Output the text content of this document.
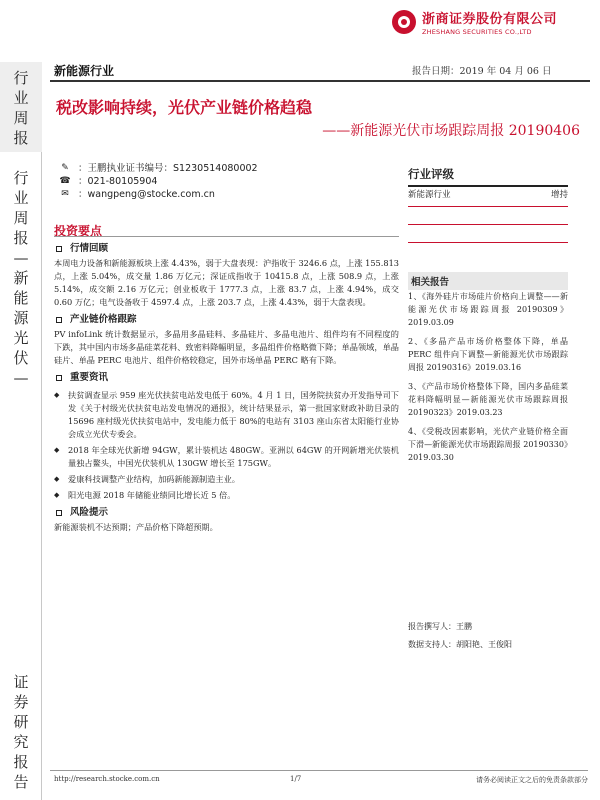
浙商证券股份有限公司
ZHESHANG SECURITIES CO.,LTD
行业周报
行业周报—新能源光伏—
证券研究报告
新能源行业	报告日期：2019 年 04 月 06 日
税改影响持续，光伏产业链价格趋稳
——新能源光伏市场跟踪周报 20190406
✎ ：王鹏执业证书编号：S1230514080002
☎ ：021-80105904
✉ ：wangpeng@stocke.com.cn
行业评级
新能源行业	增持
相关报告
1、《海外硅片市场硅片价格向上调整——新能源光伏市场跟踪周报 20190309》2019.03.09
2、《多晶产品市场价格整体下降，单晶 PERC 组件向下调整—新能源光伏市场跟踪周报 20190316》2019.03.16
3、《产品市场价格整体下降，国内多晶硅菜花料降幅明显—新能源光伏市场跟踪周报 20190323》2019.03.23
4、《受税改因素影响，光伏产业链价格全面下滑—新能源光伏市场跟踪周报 20190330》2019.03.30
报告撰写人：王鹏
数据支持人：胡阳艳、王俊阳
投资要点
行情回顾
本周电力设备和新能源板块上涨 4.43%，弱于大盘表现：沪指收于 3246.6 点，上涨 155.813 点，上涨 5.04%，成交量 1.86 万亿元；深证成指收于 10415.8 点，上涨 508.9 点，上涨 5.14%，成交额 2.16 万亿元；创业板收于 1777.3 点，上涨 83.7 点，上涨 4.94%，成交 0.60 万亿；电气设备收于 4597.4 点，上涨 203.7 点，上涨 4.43%，弱于大盘表现。
产业链价格跟踪
PV infoLink 统计数据显示，多晶用多晶硅料、多晶硅片、多晶电池片、组件均有不同程度的下跌，其中国内市场多晶硅菜花料、致密料降幅明显，多晶组件价格略微下降；单晶领域，单晶硅片、单晶 PERC 电池片、组件价格较稳定，国外市场单晶 PERC 略有下降。
重要资讯
◆	扶贫调查显示 959 座光伏扶贫电站发电低于 60%。4 月 1 日，国务院扶贫办开发指导司下发《关于村级光伏扶贫电站发电情况的通报》，统计结果显示，第一批国家财政补助目录的 15696 座村级光伏扶贫电站中，发电能力低于 80%的电站有 3103 座山东省太阳能行业协会成立光伏专委会。
◆	2018 年全球光伏新增 94GW，累计装机达 480GW。亚洲以 64GW 的开网新增光伏装机量独占鳌头，中国光伏装机从 130GW 增长至 175GW。
◆	爱康科技调整产业结构，加码新能源制造主业。
◆	阳光电源 2018 年储能业绩同比增长近 5 倍。
风险提示
新能源装机不达预期；产品价格下降超预期。
http://research.stocke.com.cn	1/7	请务必阅读正文之后的免责条款部分
